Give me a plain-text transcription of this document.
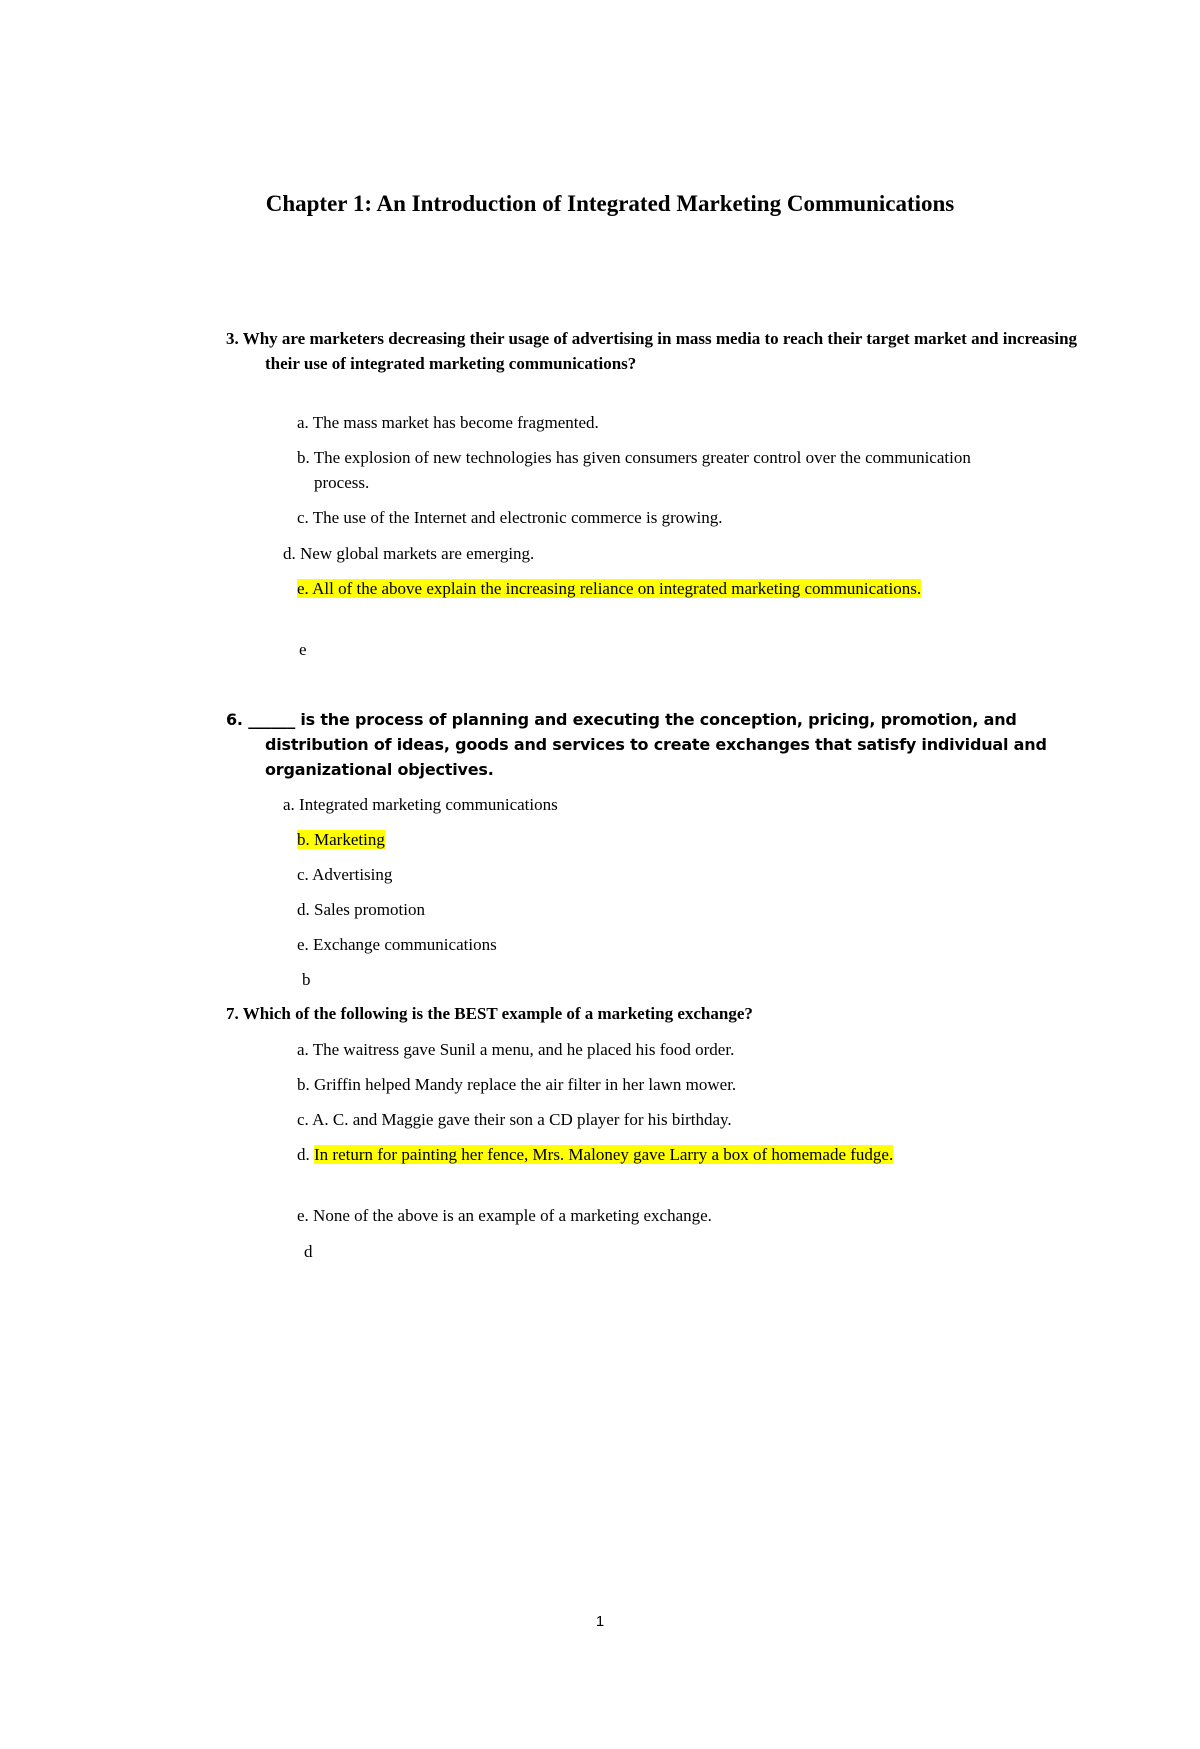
Chapter 1: An Introduction of Integrated Marketing Communications

3. Why are marketers decreasing their usage of advertising in mass media to reach their target market and increasing their use of integrated marketing communications?

a. The mass market has become fragmented.

b. The explosion of new technologies has given consumers greater control over the communication process.

c. The use of the Internet and electronic commerce is growing.

d. New global markets are emerging.

e. All of the above explain the increasing reliance on integrated marketing communications.

e

6. ______ is the process of planning and executing the conception, pricing, promotion, and distribution of ideas, goods and services to create exchanges that satisfy individual and organizational objectives.

a. Integrated marketing communications

b. Marketing

c. Advertising

d. Sales promotion

e. Exchange communications

b

7. Which of the following is the BEST example of a marketing exchange?

a. The waitress gave Sunil a menu, and he placed his food order.

b. Griffin helped Mandy replace the air filter in her lawn mower.

c. A. C. and Maggie gave their son a CD player for his birthday.

d. In return for painting her fence, Mrs. Maloney gave Larry a box of homemade fudge.

e. None of the above is an example of a marketing exchange.

d

1
